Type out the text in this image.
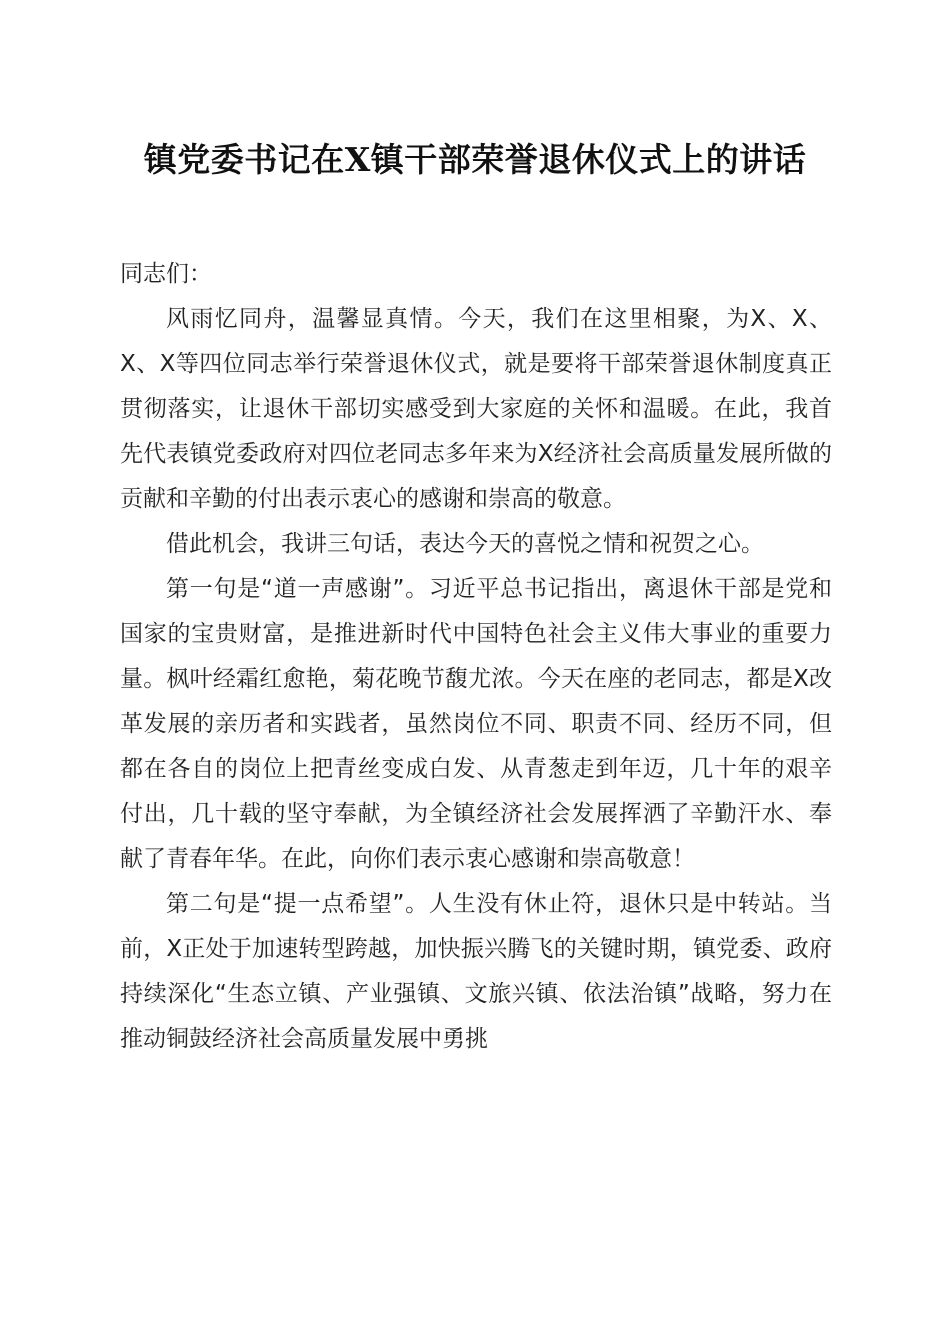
镇党委书记在X镇干部荣誉退休仪式上的讲话

同志们：

风雨忆同舟，温馨显真情。今天，我们在这里相聚，为X、X、X、X等四位同志举行荣誉退休仪式，就是要将干部荣誉退休制度真正贯彻落实，让退休干部切实感受到大家庭的关怀和温暖。在此，我首先代表镇党委政府对四位老同志多年来为X经济社会高质量发展所做的贡献和辛勤的付出表示衷心的感谢和崇高的敬意。

借此机会，我讲三句话，表达今天的喜悦之情和祝贺之心。

第一句是“道一声感谢”。习近平总书记指出，离退休干部是党和国家的宝贵财富，是推进新时代中国特色社会主义伟大事业的重要力量。枫叶经霜红愈艳，菊花晚节馥尤浓。今天在座的老同志，都是X改革发展的亲历者和实践者，虽然岗位不同、职责不同、经历不同，但都在各自的岗位上把青丝变成白发、从青葱走到年迈，几十年的艰辛付出，几十载的坚守奉献，为全镇经济社会发展挥洒了辛勤汗水、奉献了青春年华。在此，向你们表示衷心感谢和崇高敬意！

第二句是“提一点希望”。人生没有休止符，退休只是中转站。当前，X正处于加速转型跨越，加快振兴腾飞的关键时期，镇党委、政府持续深化“生态立镇、产业强镇、文旅兴镇、依法治镇”战略，努力在推动铜鼓经济社会高质量发展中勇挑
